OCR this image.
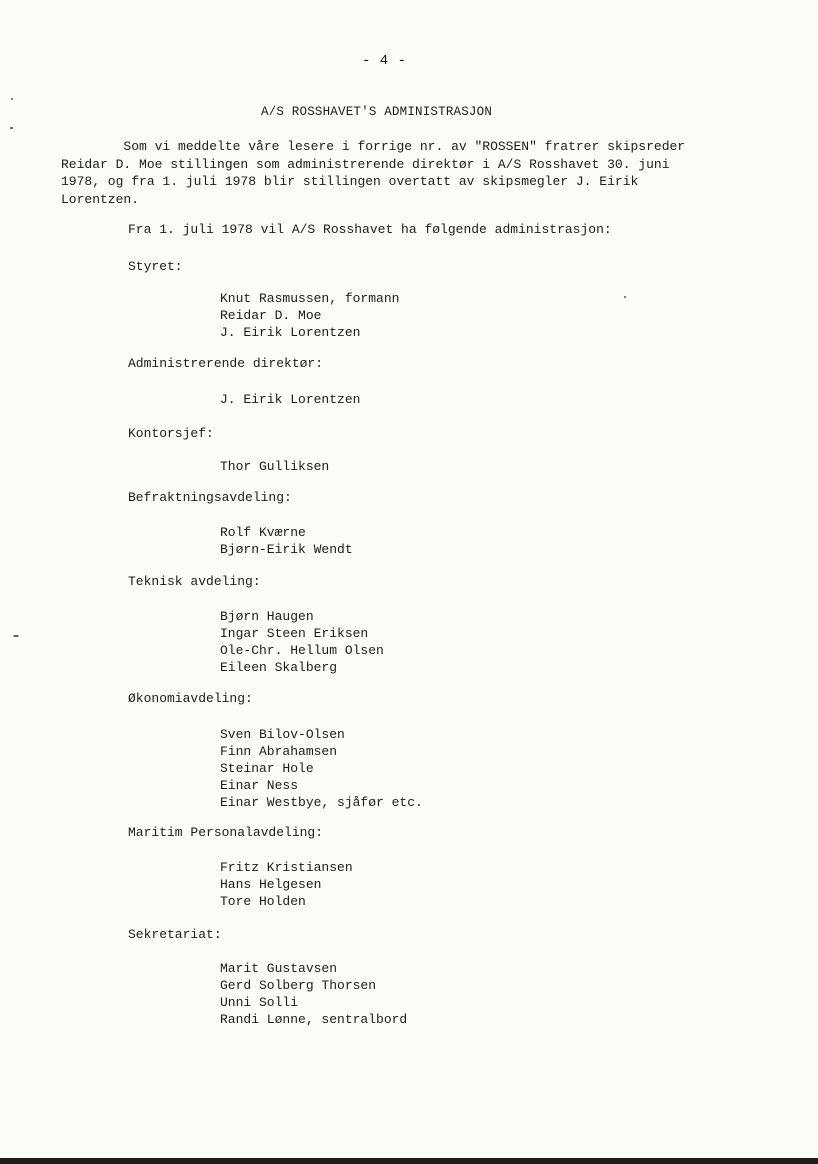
- 4 -
A/S ROSSHAVET'S ADMINISTRASJON
Som vi meddelte våre lesere i forrige nr. av "ROSSEN" fratrer skipsreder
Reidar D. Moe stillingen som administrerende direktør i A/S Rosshavet 30. juni
1978, og fra 1. juli 1978 blir stillingen overtatt av skipsmegler J. Eirik
Lorentzen.
Fra 1. juli 1978 vil A/S Rosshavet ha følgende administrasjon:
Styret:
Knut Rasmussen, formann
Reidar D. Moe
J. Eirik Lorentzen
Administrerende direktør:
J. Eirik Lorentzen
Kontorsjef:
Thor Gulliksen
Befraktningsavdeling:
Rolf Kværne
Bjørn-Eirik Wendt
Teknisk avdeling:
Bjørn Haugen
Ingar Steen Eriksen
Ole-Chr. Hellum Olsen
Eileen Skalberg
Økonomiavdeling:
Sven Bilov-Olsen
Finn Abrahamsen
Steinar Hole
Einar Ness
Einar Westbye, sjåfør etc.
Maritim Personalavdeling:
Fritz Kristiansen
Hans Helgesen
Tore Holden
Sekretariat:
Marit Gustavsen
Gerd Solberg Thorsen
Unni Solli
Randi Lønne, sentralbord
